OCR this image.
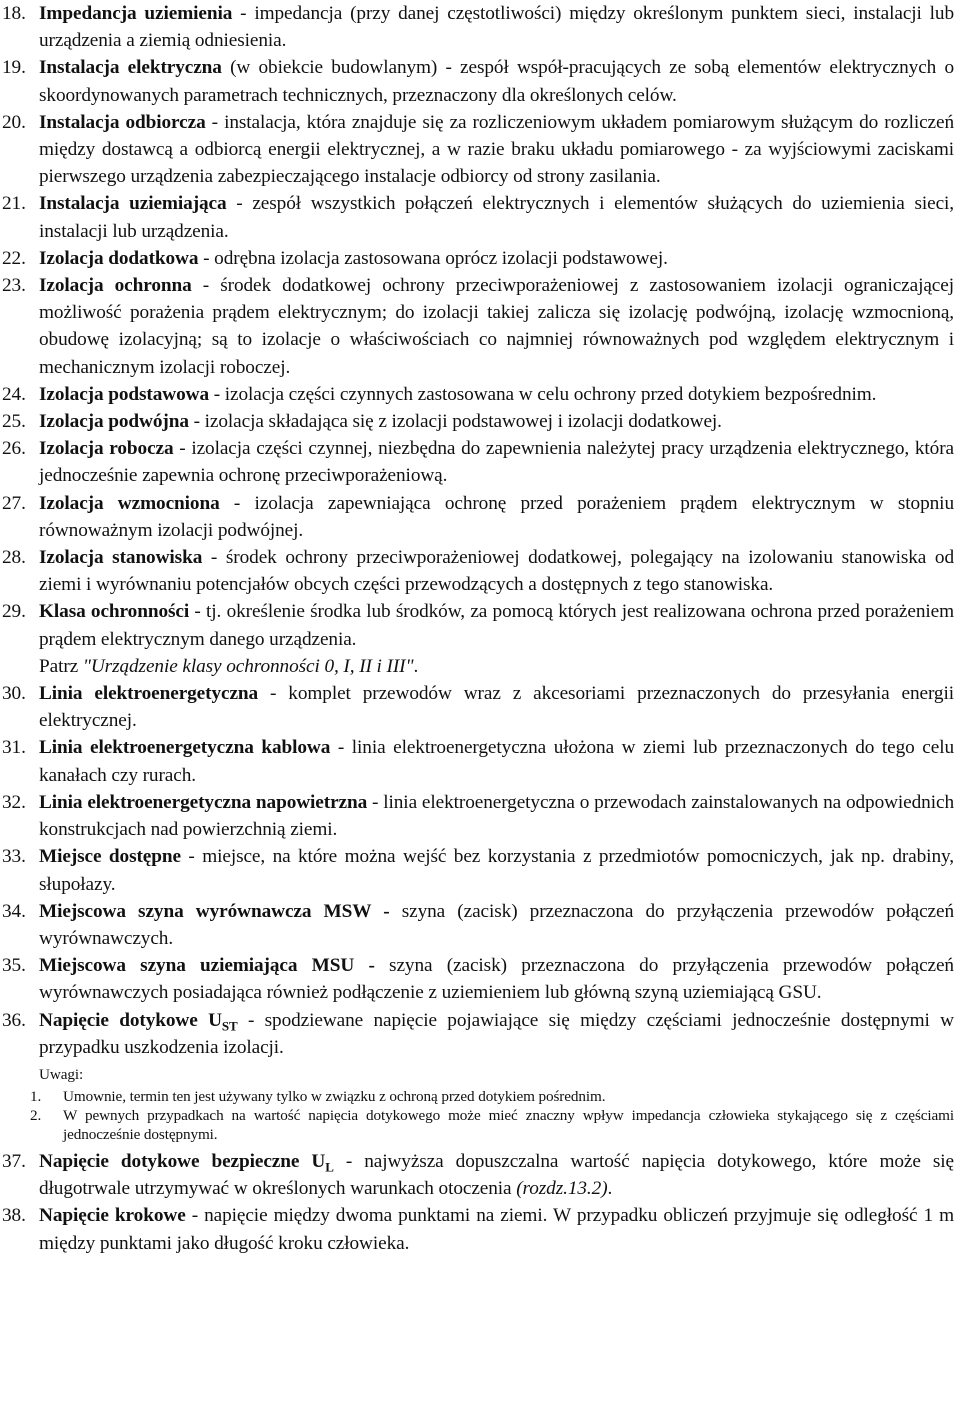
18. Impedancja uziemienia - impedancja (przy danej częstotliwości) między określonym punktem sieci, instalacji lub urządzenia a ziemią odniesienia.
19. Instalacja elektryczna (w obiekcie budowlanym) - zespół współ-pracujących ze sobą elementów elektrycznych o skoordynowanych parametrach technicznych, przeznaczony dla określonych celów.
20. Instalacja odbiorcza - instalacja, która znajduje się za rozliczeniowym układem pomiarowym służącym do rozliczeń między dostawcą a odbiorcą energii elektrycznej, a w razie braku układu pomiarowego - za wyjściowymi zaciskami pierwszego urządzenia zabezpieczającego instalacje odbiorcy od strony zasilania.
21. Instalacja uziemiająca - zespół wszystkich połączeń elektrycznych i elementów służących do uziemienia sieci, instalacji lub urządzenia.
22. Izolacja dodatkowa - odrębna izolacja zastosowana oprócz izolacji podstawowej.
23. Izolacja ochronna - środek dodatkowej ochrony przeciwporażeniowej z zastosowaniem izolacji ograniczającej możliwość porażenia prądem elektrycznym; do izolacji takiej zalicza się izolację podwójną, izolację wzmocnioną, obudowę izolacyjną; są to izolacje o właściwościach co najmniej równoważnych pod względem elektrycznym i mechanicznym izolacji roboczej.
24. Izolacja podstawowa - izolacja części czynnych zastosowana w celu ochrony przed dotykiem bezpośrednim.
25. Izolacja podwójna - izolacja składająca się z izolacji podstawowej i izolacji dodatkowej.
26. Izolacja robocza - izolacja części czynnej, niezbędna do zapewnienia należytej pracy urządzenia elektrycznego, która jednocześnie zapewnia ochronę przeciwporażeniową.
27. Izolacja wzmocniona - izolacja zapewniająca ochronę przed porażeniem prądem elektrycznym w stopniu równoważnym izolacji podwójnej.
28. Izolacja stanowiska - środek ochrony przeciwporażeniowej dodatkowej, polegający na izolowaniu stanowiska od ziemi i wyrównaniu potencjałów obcych części przewodzących a dostępnych z tego stanowiska.
29. Klasa ochronności - tj. określenie środka lub środków, za pomocą których jest realizowana ochrona przed porażeniem prądem elektrycznym danego urządzenia.

Patrz "Urządzenie klasy ochronności 0, I, II i III".

30. Linia elektroenergetyczna - komplet przewodów wraz z akcesoriami przeznaczonych do przesyłania energii elektrycznej.
31. Linia elektroenergetyczna kablowa - linia elektroenergetyczna ułożona w ziemi lub przeznaczonych do tego celu kanałach czy rurach.
32. Linia elektroenergetyczna napowietrzna - linia elektroenergetyczna o przewodach zainstalowanych na odpowiednich konstrukcjach nad powierzchnią ziemi.
33. Miejsce dostępne - miejsce, na które można wejść bez korzystania z przedmiotów pomocniczych, jak np. drabiny, słupołazy.
34. Miejscowa szyna wyrównawcza MSW - szyna (zacisk) przeznaczona do przyłączenia przewodów połączeń wyrównawczych.
35. Miejscowa szyna uziemiająca MSU - szyna (zacisk) przeznaczona do przyłączenia przewodów połączeń wyrównawczych posiadająca również podłączenie z uziemieniem lub główną szyną uziemiającą GSU.
36. Napięcie dotykowe $U_{ST}$ - spodziewane napięcie pojawiające się między częściami jednocześnie dostępnymi w przypadku uszkodzenia izolacji.
Uwagi:
1.	Umownie, termin ten jest używany tylko w związku z ochroną przed dotykiem pośrednim.
2.	W pewnych przypadkach na wartość napięcia dotykowego może mieć znaczny wpływ impedancja człowieka stykającego się z częściami jednocześnie dostępnymi.
37. Napięcie dotykowe bezpieczne $U_L$ - najwyższa dopuszczalna wartość napięcia dotykowego, które może się długotrwale utrzymywać w określonych warunkach otoczenia (rozdz.13.2).
38. Napięcie krokowe - napięcie między dwoma punktami na ziemi. W przypadku obliczeń przyjmuje się odległość 1 m między punktami jako długość kroku człowieka.
